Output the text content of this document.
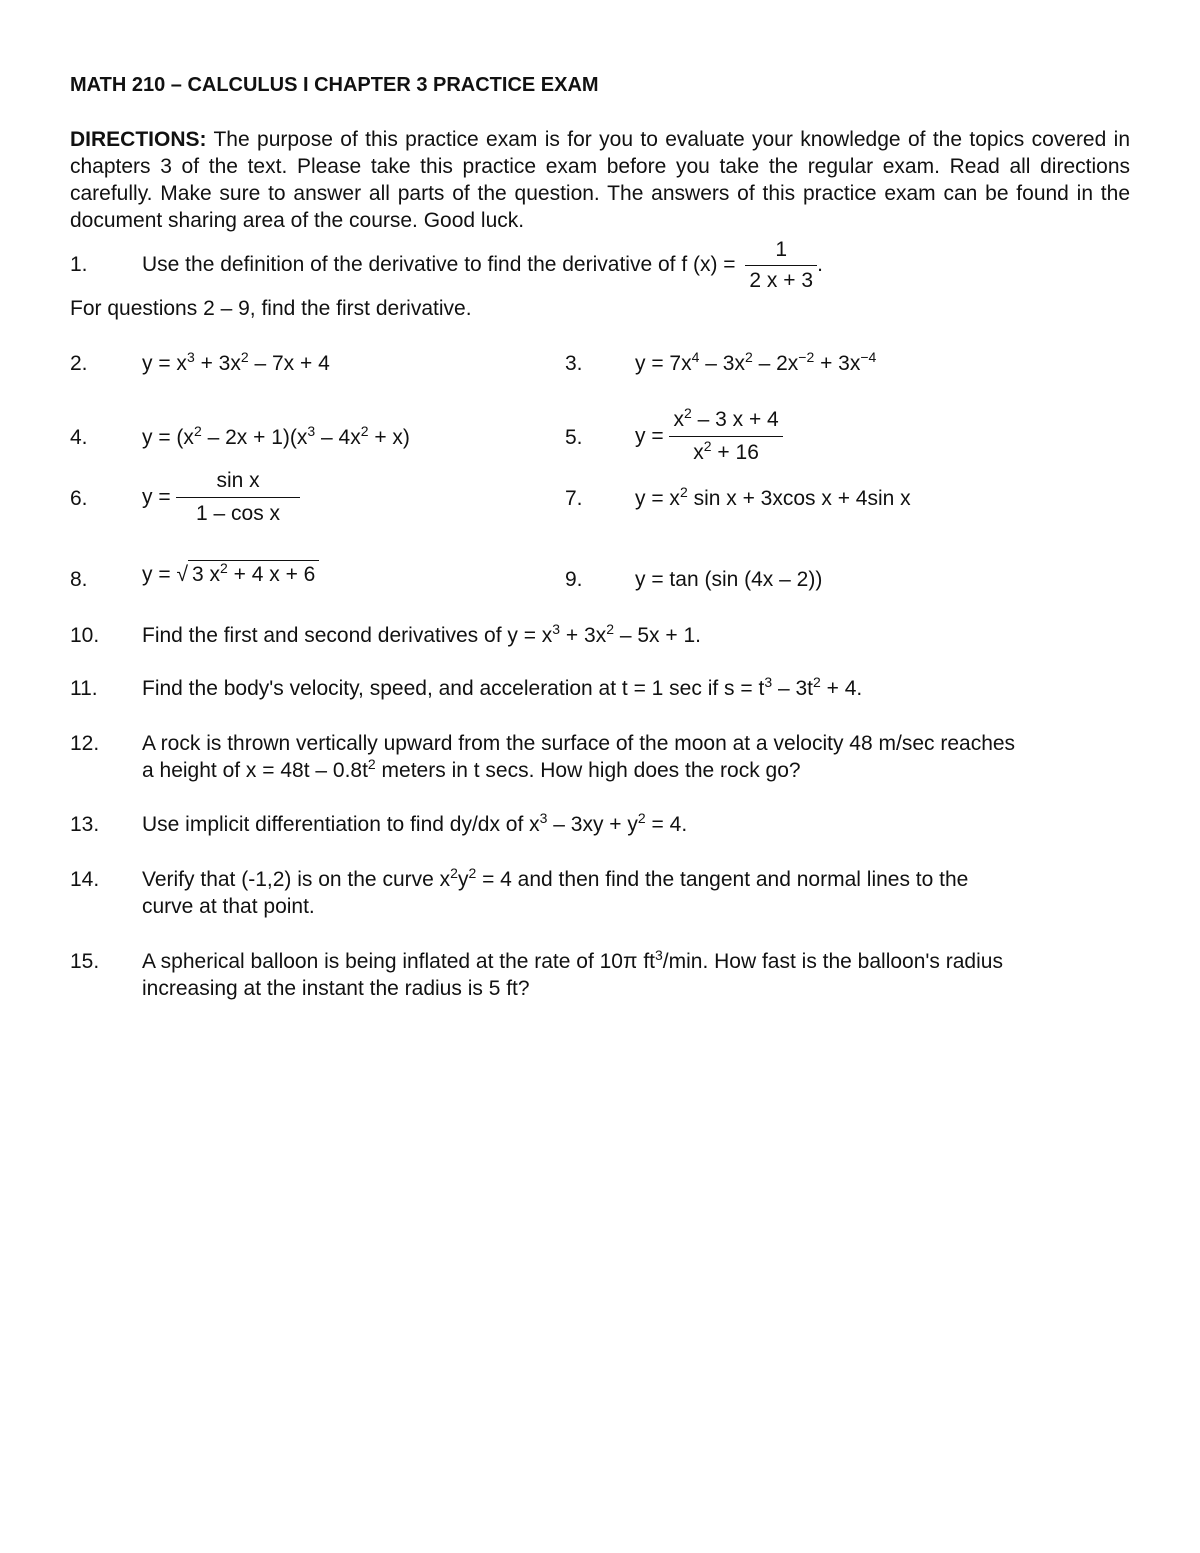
MATH 210 – CALCULUS I CHAPTER 3 PRACTICE EXAM
DIRECTIONS: The purpose of this practice exam is for you to evaluate your knowledge of the topics covered in chapters 3 of the text. Please take this practice exam before you take the regular exam. Read all directions carefully. Make sure to answer all parts of the question. The answers of this practice exam can be found in the document sharing area of the course. Good luck.
1.	Use the definition of the derivative to find the derivative of f $(x) = \frac{1}{2 x + 3}$ .
For questions 2 – 9, find the first derivative.
2.	$y = x^3 + 3x^2 - 7x + 4$	3. $y = 7x^4 - 3x^2 - 2x^{-2} + 3x^{-4}$
4.	$y = (x^2 - 2x + 1)(x^3 - 4x^2 + x)$	5. $y = \frac{x^2 - 3 x + 4}{x^2 + 16}$
6.	$y = \frac{\text{sin x}}{\text{1 – cos x}}$	7. $y = x^2$ sin x + 3xcos x + 4sin x
8.	y = √ 3 $x^2 + 4$ x + 6	9. y = tan (sin (4x – 2))
10. Find the first and second derivatives of $y = x^3 + 3x^2 - 5x + 1$.
11. Find the body's velocity, speed, and acceleration at t = 1 sec if $s = t^3 - 3t^2 + 4$.
12. A rock is thrown vertically upward from the surface of the moon at a velocity 48 m/sec reaches
a height of $x = 48t - 0.8t^2$ meters in t secs. How high does the rock go?
13. Use implicit differentiation to find dy/dx of $x^3 - 3xy + y^2 = 4$.
14. Verify that (-1,2) is on the curve $x^2y^2 = 4$ and then find the tangent and normal lines to the
curve at that point.
15. A spherical balloon is being inflated at the rate of 10π $ft^3/\min$. How fast is the balloon's radius
increasing at the instant the radius is 5 ft?
